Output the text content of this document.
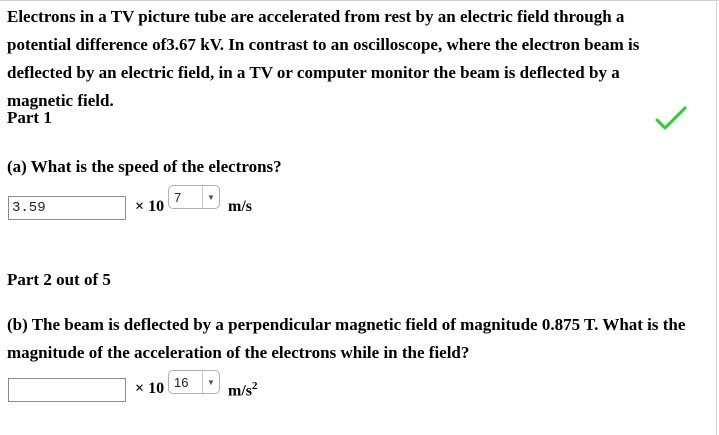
Electrons in a TV picture tube are accelerated from rest by an electric field through a potential difference of3.67 kV. In contrast to an oscilloscope, where the electron beam is deflected by an electric field, in a TV or computer monitor the beam is deflected by a magnetic field.
Part 1
(a) What is the speed of the electrons?
3.59	× 10
7	▼
m/s
Part 2 out of 5
(b) The beam is deflected by a perpendicular magnetic field of magnitude 0.875 T. What is the magnitude of the acceleration of the electrons while in the field?
× 10 16	▼
$m/s^2$
